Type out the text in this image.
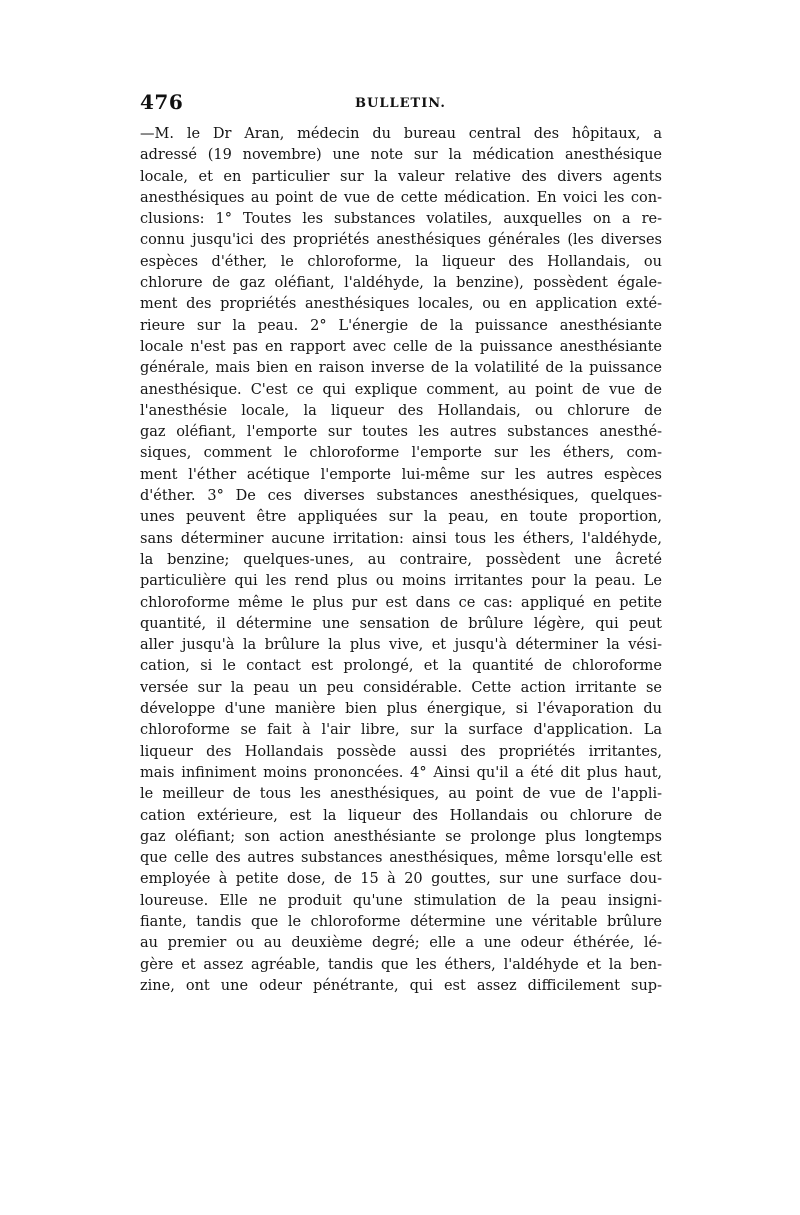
476	BULLETIN.
—M. le Dr Aran, médecin du bureau central des hôpitaux, a
adressé (19 novembre) une note sur la médication anesthésique
locale, et en particulier sur la valeur relative des divers agents
anesthésiques au point de vue de cette médication. En voici les con-
clusions: 1° Toutes les substances volatiles, auxquelles on a re-
connu jusqu'ici des propriétés anesthésiques générales (les diverses
espèces d'éther, le chloroforme, la liqueur des Hollandais, ou
chlorure de gaz oléfiant, l'aldéhyde, la benzine), possèdent égale-
ment des propriétés anesthésiques locales, ou en application exté-
rieure sur la peau. 2° L'énergie de la puissance anesthésiante
locale n'est pas en rapport avec celle de la puissance anesthésiante
générale, mais bien en raison inverse de la volatilité de la puissance
anesthésique. C'est ce qui explique comment, au point de vue de
l'anesthésie locale, la liqueur des Hollandais, ou chlorure de
gaz oléfiant, l'emporte sur toutes les autres substances anesthé-
siques, comment le chloroforme l'emporte sur les éthers, com-
ment l'éther acétique l'emporte lui-même sur les autres espèces
d'éther. 3° De ces diverses substances anesthésiques, quelques-
unes peuvent être appliquées sur la peau, en toute proportion,
sans déterminer aucune irritation: ainsi tous les éthers, l'aldéhyde,
la benzine; quelques-unes, au contraire, possèdent une âcreté
particulière qui les rend plus ou moins irritantes pour la peau. Le
chloroforme même le plus pur est dans ce cas: appliqué en petite
quantité, il détermine une sensation de brûlure légère, qui peut
aller jusqu'à la brûlure la plus vive, et jusqu'à déterminer la vési-
cation, si le contact est prolongé, et la quantité de chloroforme
versée sur la peau un peu considérable. Cette action irritante se
développe d'une manière bien plus énergique, si l'évaporation du
chloroforme se fait à l'air libre, sur la surface d'application. La
liqueur des Hollandais possède aussi des propriétés irritantes,
mais infiniment moins prononcées. 4° Ainsi qu'il a été dit plus haut,
le meilleur de tous les anesthésiques, au point de vue de l'appli-
cation extérieure, est la liqueur des Hollandais ou chlorure de
gaz oléfiant; son action anesthésiante se prolonge plus longtemps
que celle des autres substances anesthésiques, même lorsqu'elle est
employée à petite dose, de 15 à 20 gouttes, sur une surface dou-
loureuse. Elle ne produit qu'une stimulation de la peau insigni-
fiante, tandis que le chloroforme détermine une véritable brûlure
au premier ou au deuxième degré; elle a une odeur éthérée, lé-
gère et assez agréable, tandis que les éthers, l'aldéhyde et la ben-
zine, ont une odeur pénétrante, qui est assez difficilement sup-
